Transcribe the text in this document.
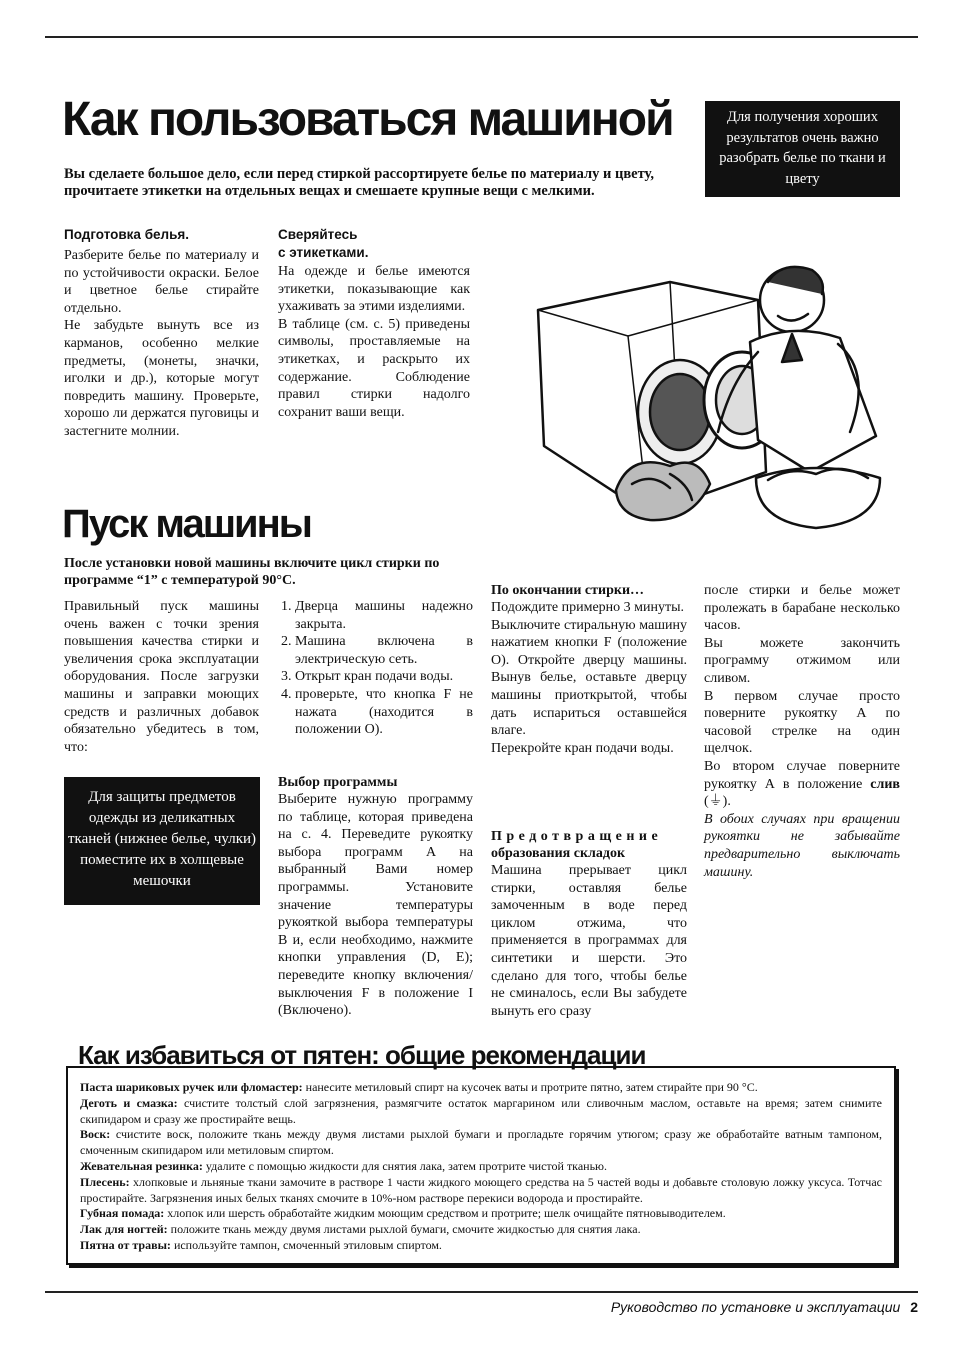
Как пользоваться машиной	Для получения хороших результатов очень важно разобрать белье по ткани и цвету
Вы сделаете большое дело, если перед стиркой рассортируете белье по материалу и цвету, прочитаете этикетки на отдельных вещах и смешаете крупные вещи с мелкими.
Подготовка белья.

Разберите белье по материалу и по устойчивости окраски. Белое и цветное белье стирайте отдельно.

Не забудьте вынуть все из карманов, особенно мелкие предметы, (монеты, значки, иголки и др.), которые могут повредить машину. Проверьте, хорошо ли держатся пуговицы и застегните молнии.

Сверяйтесь
с этикетками.

На одежде и белье имеются этикетки, показывающие как ухаживать за этими изделиями.

В таблице (см. с. 5) приведены символы, проставляемые на этикетках, и раскрыто их содержание. Соблюдение правил стирки надолго сохранит ваши вещи.

Пуск машины
После установки новой машины включите цикл стирки по программе “1” с температурой 90°С.

Правильный пуск машины очень важен с точки зрения повышения качества стирки и увеличения срока эксплуатации оборудования. После загрузки машины и заправки моющих средств и различных добавок обязательно убедитесь в том, что:

Для защиты предметов одежды из деликатных тканей (нижнее белье, чулки) поместите их в холщевые мешочки
1. Дверца машины надежно закрыта.
2. Машина включена в электрическую сеть.
3. Открыт кран подачи воды.
4. проверьте, что кнопка F не нажата (находится в положении O).
Выбор программы

Выберите нужную программу по таблице, которая приведена на с. 4. Переведите рукоятку выбора программ А на выбранный Вами номер программы. Установите значение температуры рукояткой выбора температуры В и, если необходимо, нажмите кнопки управления (D, E); переведите кнопку включения/выключения F в положение I (Включено).

По окончании стирки…

Подождите примерно 3 минуты.

Выключите стиральную машину нажатием кнопки F (положение O). Откройте дверцу машины. Вынув белье, оставьте дверцу машины приоткрытой, чтобы дать испариться оставшейся влаге.

Перекройте кран подачи воды.

Предотвращение
образования складок

Машина прерывает цикл стирки, оставляя белье замоченным в воде перед циклом отжима, что применяется в программах для синтетики и шерсти. Это сделано для того, чтобы белье не сминалось, если Вы забудете вынуть его сразу

после стирки и белье может пролежать в барабане несколько часов.

Вы можете закончить программу отжимом или сливом.

В первом случае просто поверните рукоятку А по часовой стрелке на один щелчок.

Во втором случае поверните рукоятку А в положение слив (⏚).

В обоих случаях при вращении рукоятки не забывайте предварительно выключать машину.

Как избавиться от пятен: общие рекомендации

Паста шариковых ручек или фломастер: нанесите метиловый спирт на кусочек ваты и протрите пятно, затем стирайте при 90 °С.

Деготь и смазка: счистите толстый слой загрязнения, размягчите остаток маргарином или сливочным маслом, оставьте на время; затем снимите скипидаром и сразу же простирайте вещь.

Воск: счистите воск, положите ткань между двумя листами рыхлой бумаги и прогладьте горячим утюгом; сразу же обработайте ватным тампоном, смоченным скипидаром или метиловым спиртом.

Жевательная резинка: удалите с помощью жидкости для снятия лака, затем протрите чистой тканью.

Плесень: хлопковые и льняные ткани замочите в растворе 1 части жидкого моющего средства на 5 частей воды и добавьте столовую ложку уксуса. Тотчас простирайте. Загрязнения иных белых тканях смочите в 10%-ном растворе перекиси водорода и простирайте.

Губная помада: хлопок или шерсть обработайте жидким моющим средством и протрите; шелк очищайте пятновыводителем.

Лак для ногтей: положите ткань между двумя листами рыхлой бумаги, смочите жидкостью для снятия лака.

Пятна от травы: используйте тампон, смоченный этиловым спиртом.

Руководство по установке и эксплуатации 2
